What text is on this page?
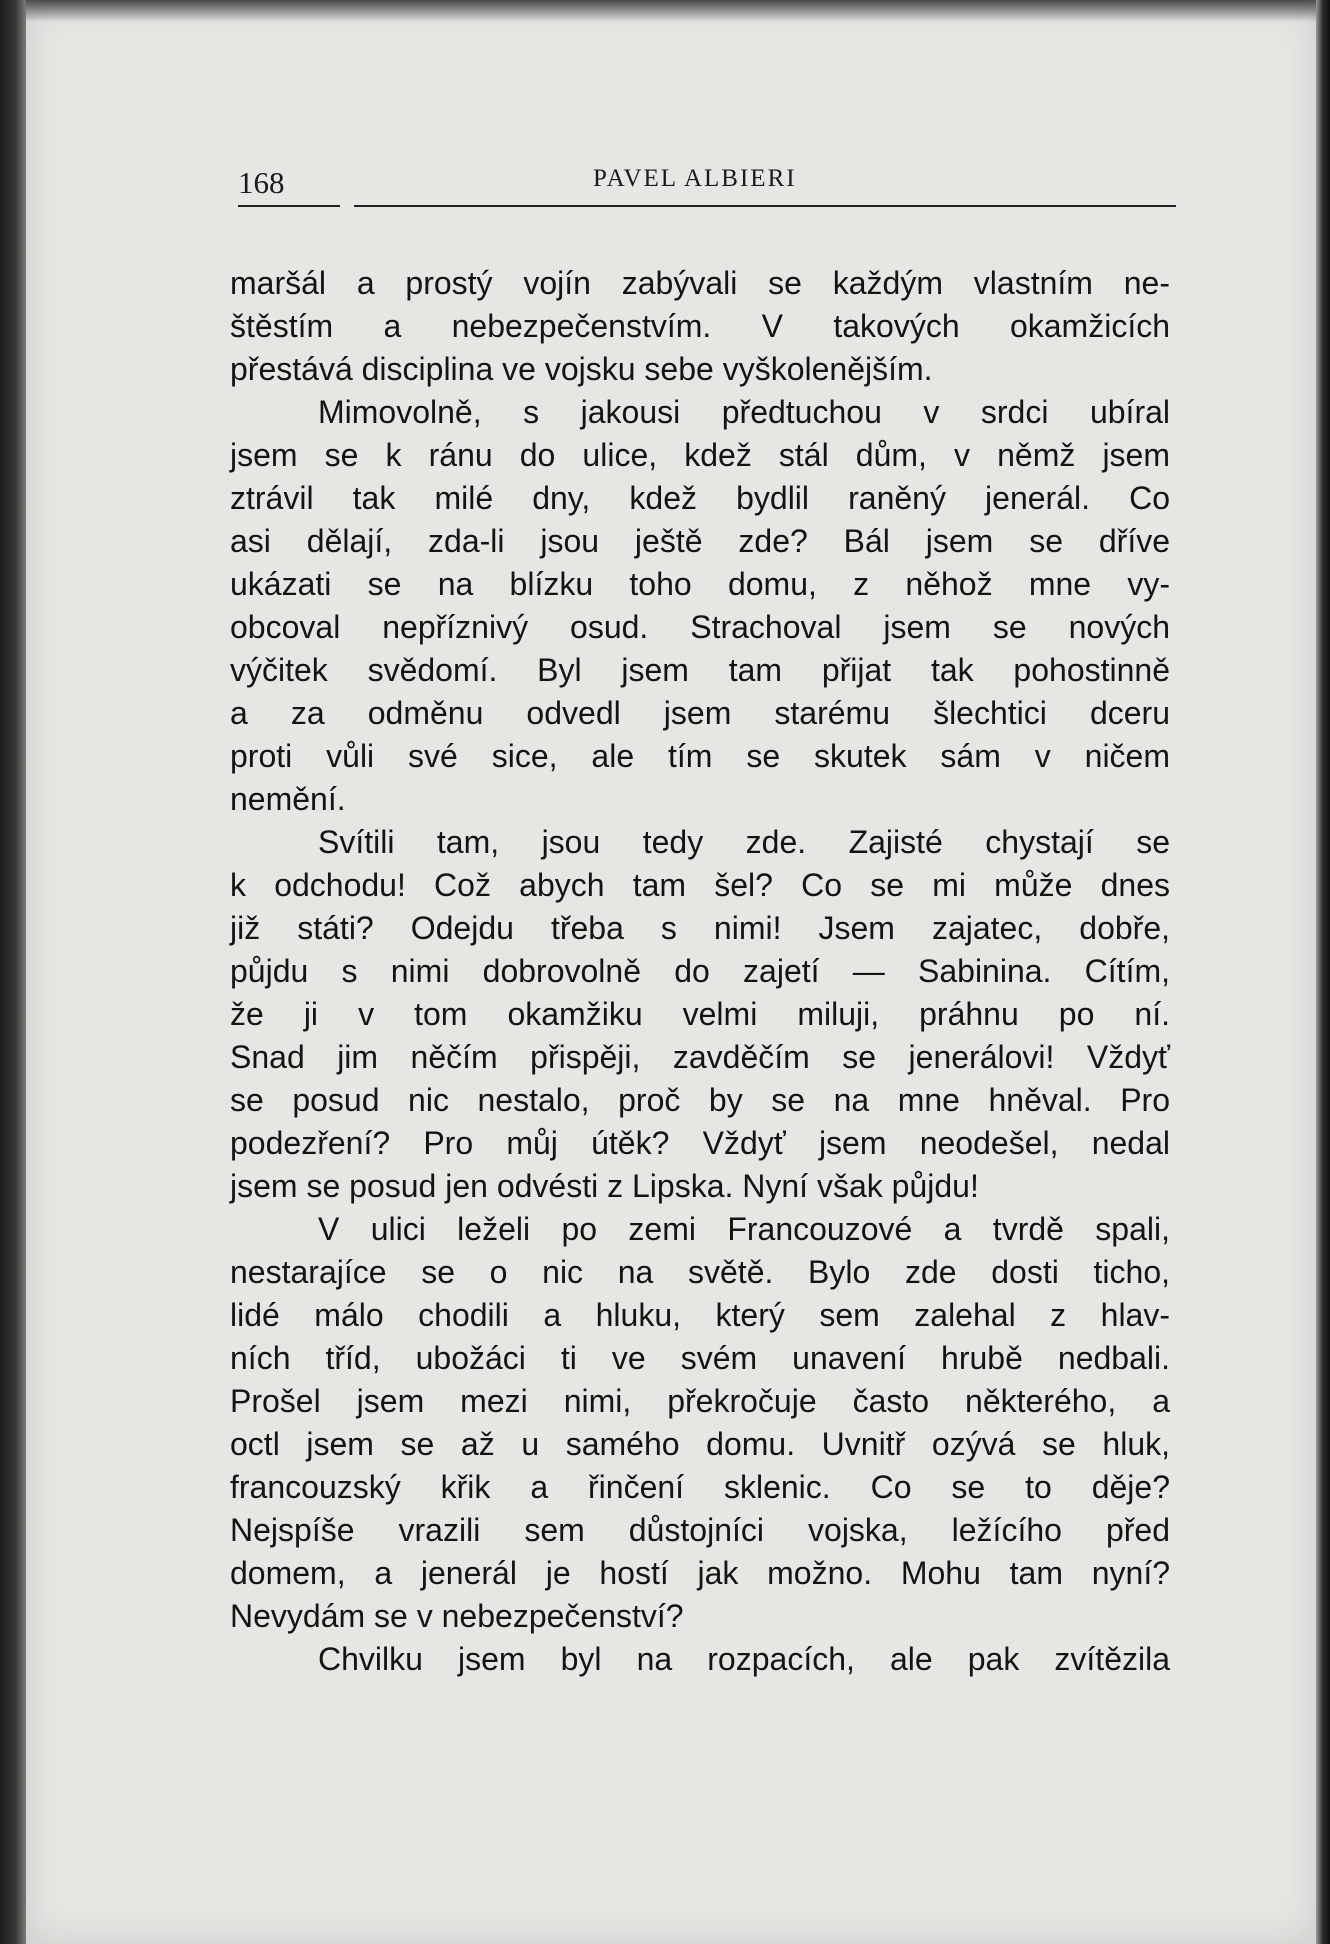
168	PAVEL ALBIERI
maršál a prostý vojín zabývali se každým vlastním ne-
štěstím a nebezpečenstvím. V takových okamžicích
přestává disciplina ve vojsku sebe vyškolenějším.
Mimovolně, s jakousi předtuchou v srdci ubíral
jsem se k ránu do ulice, kdež stál dům, v němž jsem
ztrávil tak milé dny, kdež bydlil raněný jenerál. Co
asi dělají, zda-li jsou ještě zde? Bál jsem se dříve
ukázati se na blízku toho domu, z něhož mne vy-
obcoval nepříznivý osud. Strachoval jsem se nových
výčitek svědomí. Byl jsem tam přijat tak pohostinně
a za odměnu odvedl jsem starému šlechtici dceru
proti vůli své sice, ale tím se skutek sám v ničem
nemění.
Svítili tam, jsou tedy zde. Zajisté chystají se
k odchodu! Což abych tam šel? Co se mi může dnes
již státi? Odejdu třeba s nimi! Jsem zajatec, dobře,
půjdu s nimi dobrovolně do zajetí — Sabinina. Cítím,
že ji v tom okamžiku velmi miluji, práhnu po ní.
Snad jim něčím přispěji, zavděčím se jenerálovi! Vždyť
se posud nic nestalo, proč by se na mne hněval. Pro
podezření? Pro můj útěk? Vždyť jsem neodešel, nedal
jsem se posud jen odvésti z Lipska. Nyní však půjdu!
V ulici leželi po zemi Francouzové a tvrdě spali,
nestarajíce se o nic na světě. Bylo zde dosti ticho,
lidé málo chodili a hluku, který sem zalehal z hlav-
ních tříd, ubožáci ti ve svém unavení hrubě nedbali.
Prošel jsem mezi nimi, překročuje často některého, a
octl jsem se až u samého domu. Uvnitř ozývá se hluk,
francouzský křik a řinčení sklenic. Co se to děje?
Nejspíše vrazili sem důstojníci vojska, ležícího před
domem, a jenerál je hostí jak možno. Mohu tam nyní?
Nevydám se v nebezpečenství?
Chvilku jsem byl na rozpacích, ale pak zvítězila
